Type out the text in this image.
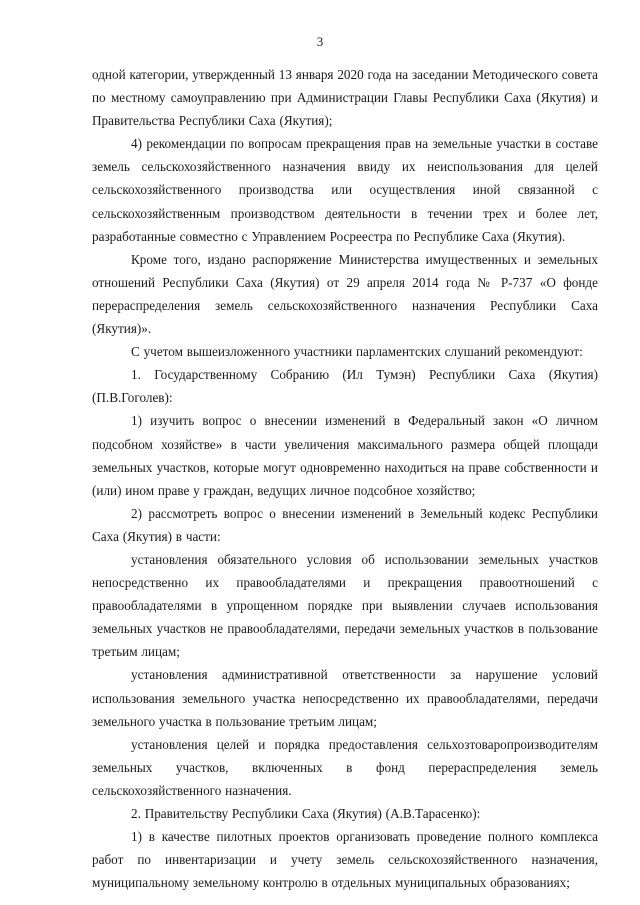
3

одной категории, утвержденный 13 января 2020 года на заседании Методического совета по местному самоуправлению при Администрации Главы Республики Саха (Якутия) и Правительства Республики Саха (Якутия);

4) рекомендации по вопросам прекращения прав на земельные участки в составе земель сельскохозяйственного назначения ввиду их неиспользования для целей сельскохозяйственного производства или осуществления иной связанной с сельскохозяйственным производством деятельности в течении трех и более лет, разработанные совместно с Управлением Росреестра по Республике Саха (Якутия).

Кроме того, издано распоряжение Министерства имущественных и земельных отношений Республики Саха (Якутия) от 29 апреля 2014 года № Р-737 «О фонде перераспределения земель сельскохозяйственного назначения Республики Саха (Якутия)».

С учетом вышеизложенного участники парламентских слушаний рекомендуют:

1. Государственному Собранию (Ил Тумэн) Республики Саха (Якутия) (П.В.Гоголев):

1) изучить вопрос о внесении изменений в Федеральный закон «О личном подсобном хозяйстве» в части увеличения максимального размера общей площади земельных участков, которые могут одновременно находиться на праве собственности и (или) ином праве у граждан, ведущих личное подсобное хозяйство;

2) рассмотреть вопрос о внесении изменений в Земельный кодекс Республики Саха (Якутия) в части:

установления обязательного условия об использовании земельных участков непосредственно их правообладателями и прекращения правоотношений с правообладателями в упрощенном порядке при выявлении случаев использования земельных участков не правообладателями, передачи земельных участков в пользование третьим лицам;

установления административной ответственности за нарушение условий использования земельного участка непосредственно их правообладателями, передачи земельного участка в пользование третьим лицам;

установления целей и порядка предоставления сельхозтоваропроизводителям земельных участков, включенных в фонд перераспределения земель сельскохозяйственного назначения.

2. Правительству Республики Саха (Якутия) (А.В.Тарасенко):

1) в качестве пилотных проектов организовать проведение полного комплекса работ по инвентаризации и учету земель сельскохозяйственного назначения, муниципальному земельному контролю в отдельных муниципальных образованиях;
